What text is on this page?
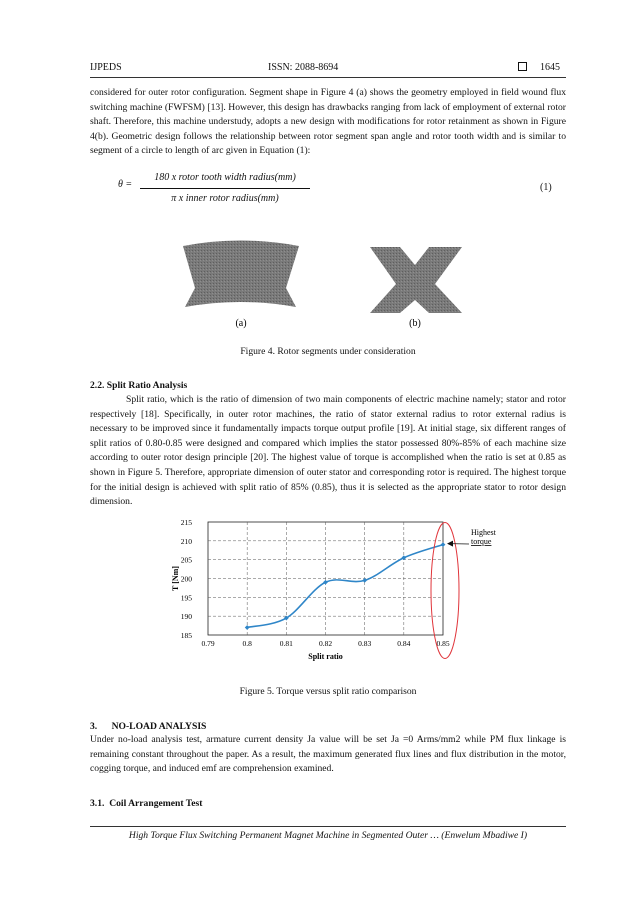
IJPEDS	ISSN: 2088-8694	1645
considered for outer rotor configuration. Segment shape in Figure 4 (a) shows the geometry employed in field wound flux switching machine (FWFSM) [13]. However, this design has drawbacks ranging from lack of employment of external rotor shaft. Therefore, this machine understudy, adopts a new design with modifications for rotor retainment as shown in Figure 4(b). Geometric design follows the relationship between rotor segment span angle and rotor tooth width and is similar to segment of a circle to length of arc given in Equation (1):
θ =
180 x rotor tooth width radius(mm)
π x inner rotor radius(mm)
(1)
(a)	(b)
Figure 4. Rotor segments under consideration
2.2. Split Ratio Analysis
Split ratio, which is the ratio of dimension of two main components of electric machine namely; stator and rotor respectively [18]. Specifically, in outer rotor machines, the ratio of stator external radius to rotor external radius is necessary to be improved since it fundamentally impacts torque output profile [19]. At initial stage, six different ranges of split ratios of 0.80-0.85 were designed and compared which implies the stator possessed 80%-85% of each machine size according to outer rotor design principle [20]. The highest value of torque is accomplished when the ratio is set at 0.85 as shown in Figure 5. Therefore, appropriate dimension of outer stator and corresponding rotor is required. The highest torque for the initial design is achieved with split ratio of 85% (0.85), thus it is selected as the appropriate stator to rotor design dimension.
185
190
195
200
205
210
215
0.79	0.8	0.81	0.82	0.83	0.84	0.85
Highest
torque
Split ratio
T [Nm]
Figure 5. Torque versus split ratio comparison
3.      NO-LOAD ANALYSIS
Under no-load analysis test, armature current density Ja value will be set Ja =0 Arms/mm2 while PM flux linkage is remaining constant throughout the paper. As a result, the maximum generated flux lines and flux distribution in the motor, cogging torque, and induced emf are comprehension examined.
3.1.  Coil Arrangement Test
High Torque Flux Switching Permanent Magnet Machine in Segmented Outer … (Enwelum Mbadiwe I)
